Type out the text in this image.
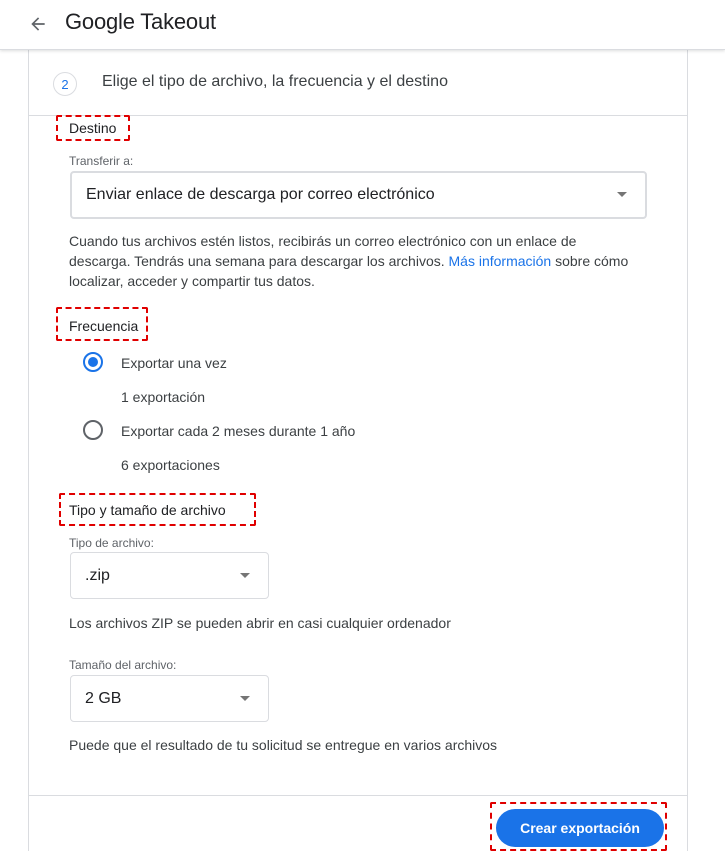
Google Takeout
2	Elige el tipo de archivo, la frecuencia y el destino
Destino
Transferir a:
Enviar enlace de descarga por correo electrónico
Cuando tus archivos estén listos, recibirás un correo electrónico con un enlace de
descarga. Tendrás una semana para descargar los archivos. Más información sobre cómo
localizar, acceder y compartir tus datos.
Frecuencia
Exportar una vez
1 exportación
Exportar cada 2 meses durante 1 año
6 exportaciones
Tipo y tamaño de archivo
Tipo de archivo:
.zip
Los archivos ZIP se pueden abrir en casi cualquier ordenador
Tamaño del archivo:
2 GB
Puede que el resultado de tu solicitud se entregue en varios archivos
Crear exportación
